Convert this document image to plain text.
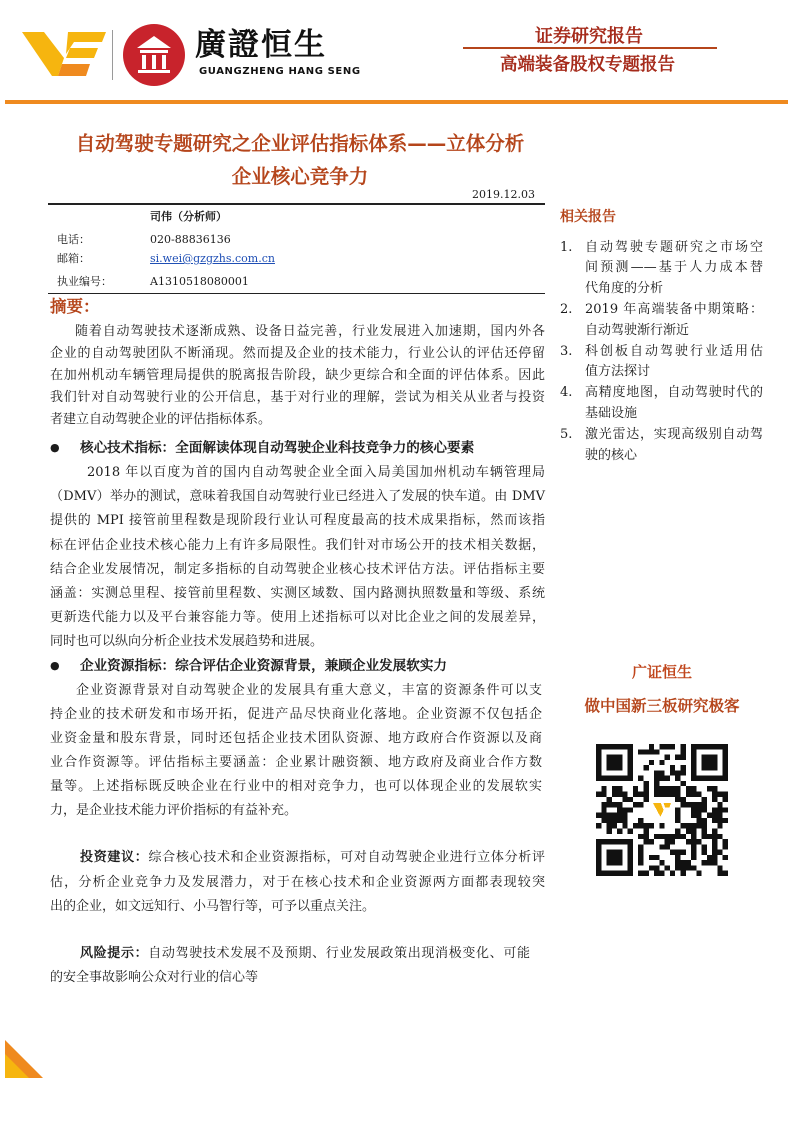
廣證恒生
GUANGZHENG HANG SENG
证券研究报告
高端装备股权专题报告
自动驾驶专题研究之企业评估指标体系——立体分析
企业核心竞争力
2019.12.03
司伟（分析师）
电话：	020-88836136
邮箱：	si.wei@gzgzhs.com.cn
执业编号：	A1310518080001
摘要：
随着自动驾驶技术逐渐成熟、设备日益完善，行业发展进入加速期，国内外各
企业的自动驾驶团队不断涌现。然而提及企业的技术能力，行业公认的评估还停留
在加州机动车辆管理局提供的脱离报告阶段，缺少更综合和全面的评估体系。因此
我们针对自动驾驶行业的公开信息，基于对行业的理解，尝试为相关从业者与投资
者建立自动驾驶企业的评估指标体系。
● 核心技术指标：全面解读体现自动驾驶企业科技竞争力的核心要素
2018 年以百度为首的国内自动驾驶企业全面入局美国加州机动车辆管理局
（DMV）举办的测试，意味着我国自动驾驶行业已经进入了发展的快车道。由 DMV
提供的 MPI 接管前里程数是现阶段行业认可程度最高的技术成果指标，然而该指
标在评估企业技术核心能力上有许多局限性。我们针对市场公开的技术相关数据，
结合企业发展情况，制定多指标的自动驾驶企业核心技术评估方法。评估指标主要
涵盖：实测总里程、接管前里程数、实测区域数、国内路测执照数量和等级、系统
更新迭代能力以及平台兼容能力等。使用上述指标可以对比企业之间的发展差异，
同时也可以纵向分析企业技术发展趋势和进展。
● 企业资源指标：综合评估企业资源背景，兼顾企业发展软实力
企业资源背景对自动驾驶企业的发展具有重大意义，丰富的资源条件可以支
持企业的技术研发和市场开拓，促进产品尽快商业化落地。企业资源不仅包括企
业资金量和股东背景，同时还包括企业技术团队资源、地方政府合作资源以及商
业合作资源等。评估指标主要涵盖：企业累计融资额、地方政府及商业合作方数
量等。上述指标既反映企业在行业中的相对竞争力，也可以体现企业的发展软实
力，是企业技术能力评价指标的有益补充。
投资建议：综合核心技术和企业资源指标，可对自动驾驶企业进行立体分析评
估，分析企业竞争力及发展潜力，对于在核心技术和企业资源两方面都表现较突
出的企业，如文远知行、小马智行等，可予以重点关注。
风险提示：自动驾驶技术发展不及预期、行业发展政策出现消极变化、可能
的安全事故影响公众对行业的信心等
相关报告
1. 自动驾驶专题研究之市场空
间预测——基于人力成本替
代角度的分析
2. 2019 年高端装备中期策略：
自动驾驶渐行渐近
3. 科创板自动驾驶行业适用估
值方法探讨
4. 高精度地图，自动驾驶时代的
基础设施
5. 激光雷达，实现高级别自动驾
驶的核心
广证恒生
做中国新三板研究极客
